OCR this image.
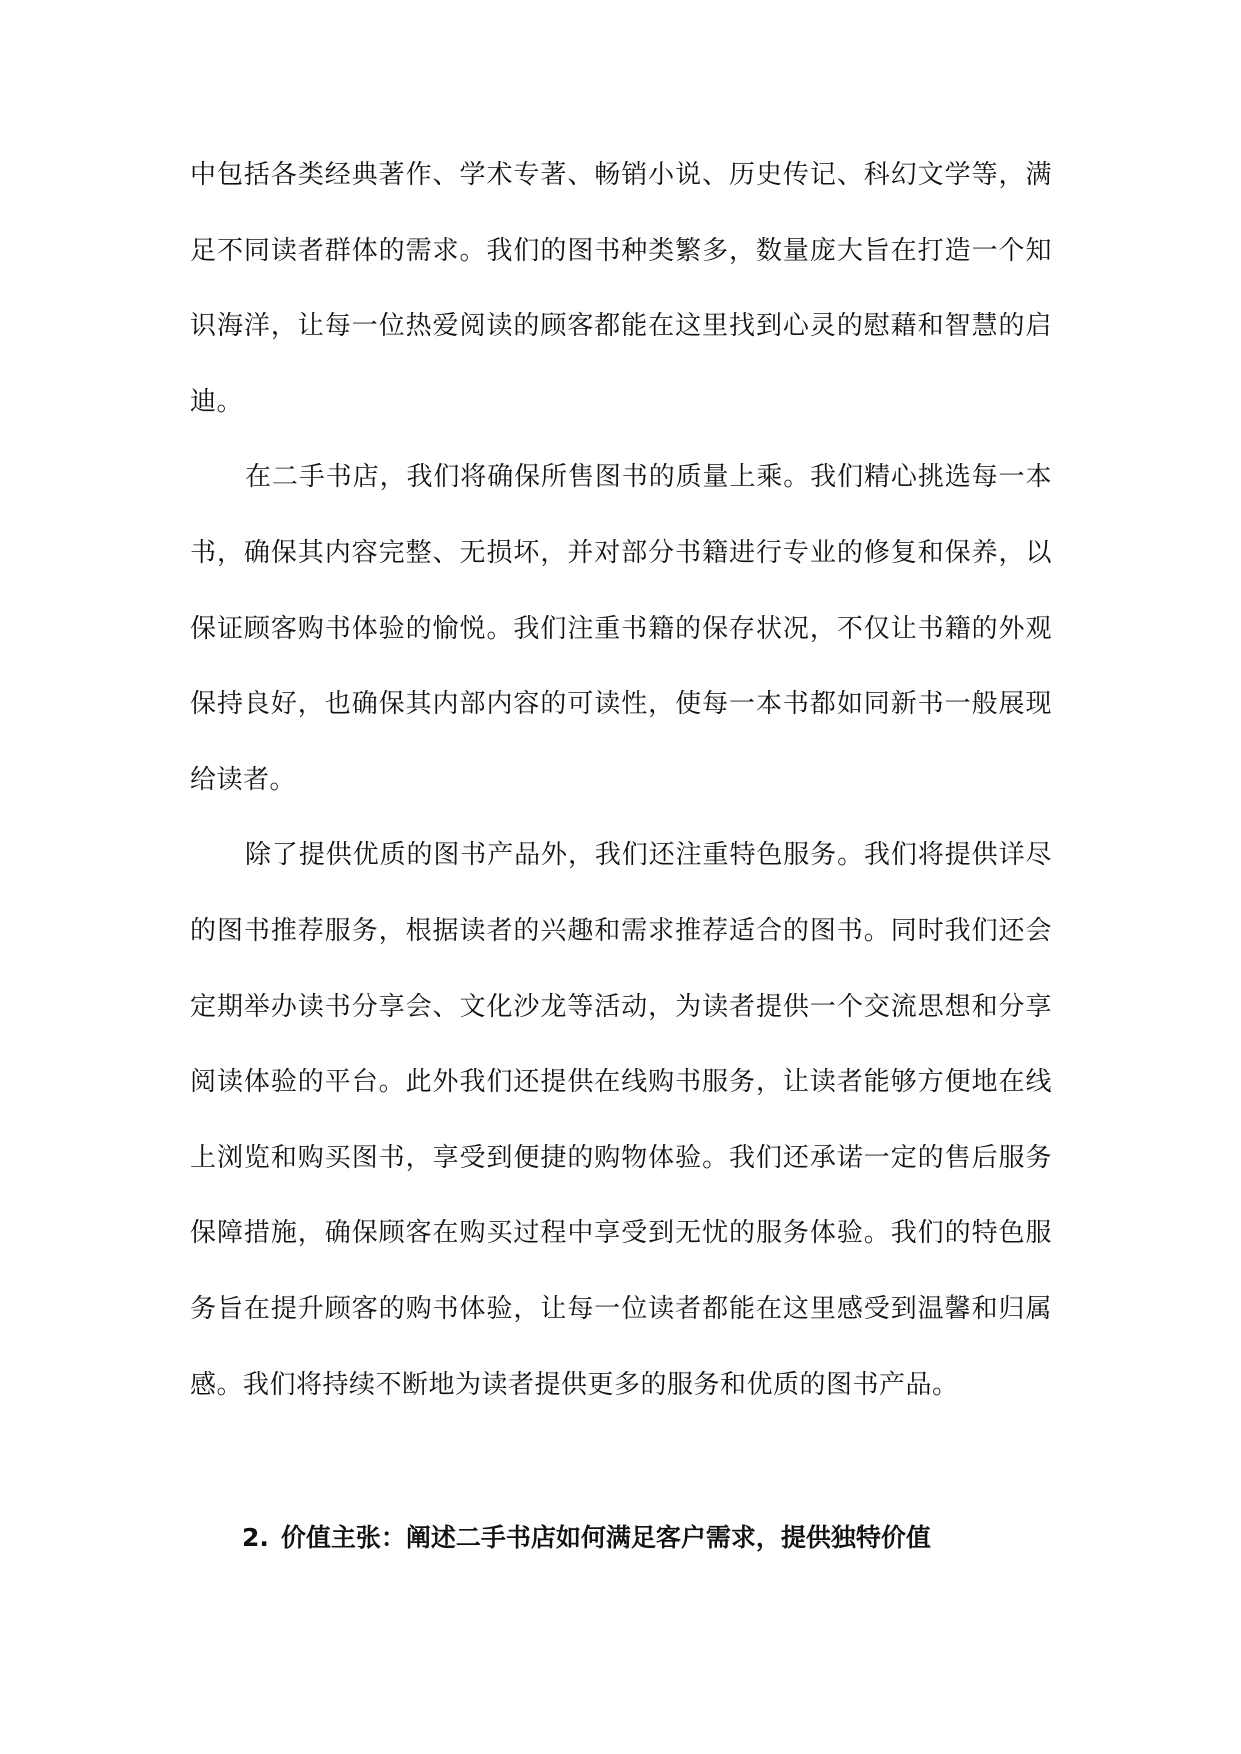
中包括各类经典著作、学术专著、畅销小说、历史传记、科幻文学等，满足不同读者群体的需求。我们的图书种类繁多，数量庞大旨在打造一个知识海洋，让每一位热爱阅读的顾客都能在这里找到心灵的慰藉和智慧的启迪。

在二手书店，我们将确保所售图书的质量上乘。我们精心挑选每一本书，确保其内容完整、无损坏，并对部分书籍进行专业的修复和保养，以保证顾客购书体验的愉悦。我们注重书籍的保存状况，不仅让书籍的外观保持良好，也确保其内部内容的可读性，使每一本书都如同新书一般展现给读者。

除了提供优质的图书产品外，我们还注重特色服务。我们将提供详尽的图书推荐服务，根据读者的兴趣和需求推荐适合的图书。同时我们还会定期举办读书分享会、文化沙龙等活动，为读者提供一个交流思想和分享阅读体验的平台。此外我们还提供在线购书服务，让读者能够方便地在线上浏览和购买图书，享受到便捷的购物体验。我们还承诺一定的售后服务保障措施，确保顾客在购买过程中享受到无忧的服务体验。我们的特色服务旨在提升顾客的购书体验，让每一位读者都能在这里感受到温馨和归属感。我们将持续不断地为读者提供更多的服务和优质的图书产品。

2. 价值主张：阐述二手书店如何满足客户需求，提供独特价值
